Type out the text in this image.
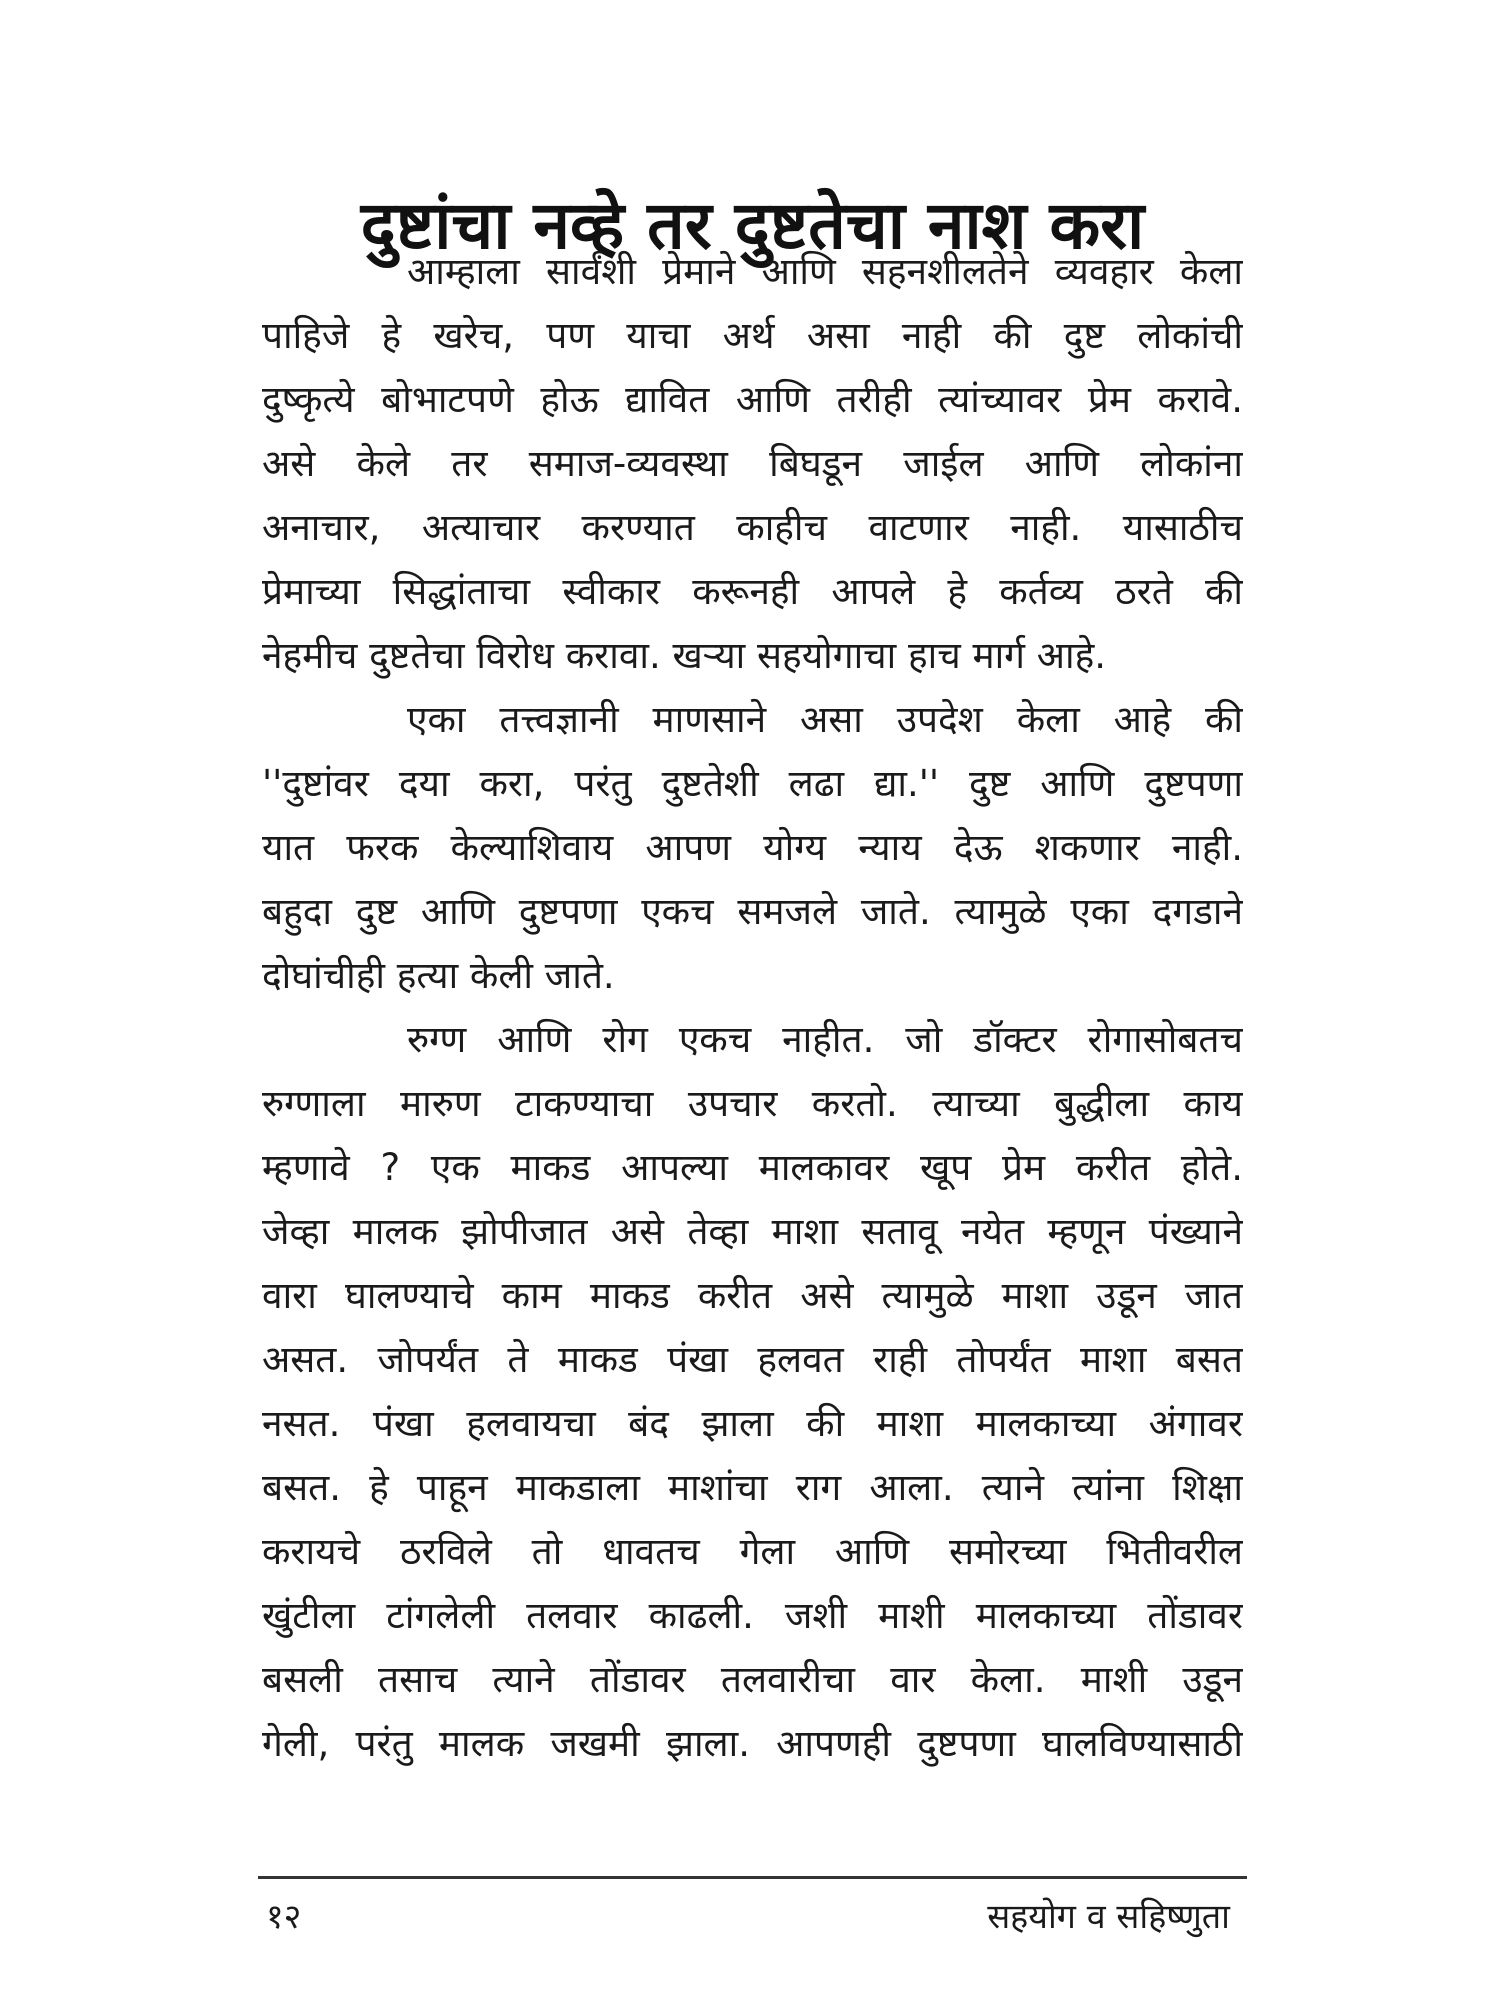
दुष्टांचा नव्हे तर दुष्टतेचा नाश करा
आम्हाला सार्वंशी प्रेमाने आणि सहनशीलतेने व्यवहार केला
पाहिजे हे खरेच, पण याचा अर्थ असा नाही की दुष्ट लोकांची
दुष्कृत्ये बोभाटपणे होऊ द्यावित आणि तरीही त्यांच्यावर प्रेम करावे.
असे केले तर समाज-व्यवस्था बिघडून जाईल आणि लोकांना
अनाचार, अत्याचार करण्यात काहीच वाटणार नाही. यासाठीच
प्रेमाच्या सिद्धांताचा स्वीकार करूनही आपले हे कर्तव्य ठरते की
नेहमीच दुष्टतेचा विरोध करावा. खऱ्या सहयोगाचा हाच मार्ग आहे.
एका तत्त्वज्ञानी माणसाने असा उपदेश केला आहे की
''दुष्टांवर दया करा, परंतु दुष्टतेशी लढा द्या.'' दुष्ट आणि दुष्टपणा
यात फरक केल्याशिवाय आपण योग्य न्याय देऊ शकणार नाही.
बहुदा दुष्ट आणि दुष्टपणा एकच समजले जाते. त्यामुळे एका दगडाने
दोघांचीही हत्या केली जाते.
रुग्ण आणि रोग एकच नाहीत. जो डॉक्टर रोगासोबतच
रुग्णाला मारुण टाकण्याचा उपचार करतो. त्याच्या बुद्धीला काय
म्हणावे ? एक माकड आपल्या मालकावर खूप प्रेम करीत होते.
जेव्हा मालक झोपीजात असे तेव्हा माशा सतावू नयेत म्हणून पंख्याने
वारा घालण्याचे काम माकड करीत असे त्यामुळे माशा उडून जात
असत. जोपर्यंत ते माकड पंखा हलवत राही तोपर्यंत माशा बसत
नसत. पंखा हलवायचा बंद झाला की माशा मालकाच्या अंगावर
बसत. हे पाहून माकडाला माशांचा राग आला. त्याने त्यांना शिक्षा
करायचे ठरविले तो धावतच गेला आणि समोरच्या भितीवरील
खुंटीला टांगलेली तलवार काढली. जशी माशी मालकाच्या तोंडावर
बसली तसाच त्याने तोंडावर तलवारीचा वार केला. माशी उडून
गेली, परंतु मालक जखमी झाला. आपणही दुष्टपणा घालविण्यासाठी
१२	सहयोग व सहिष्णुता
